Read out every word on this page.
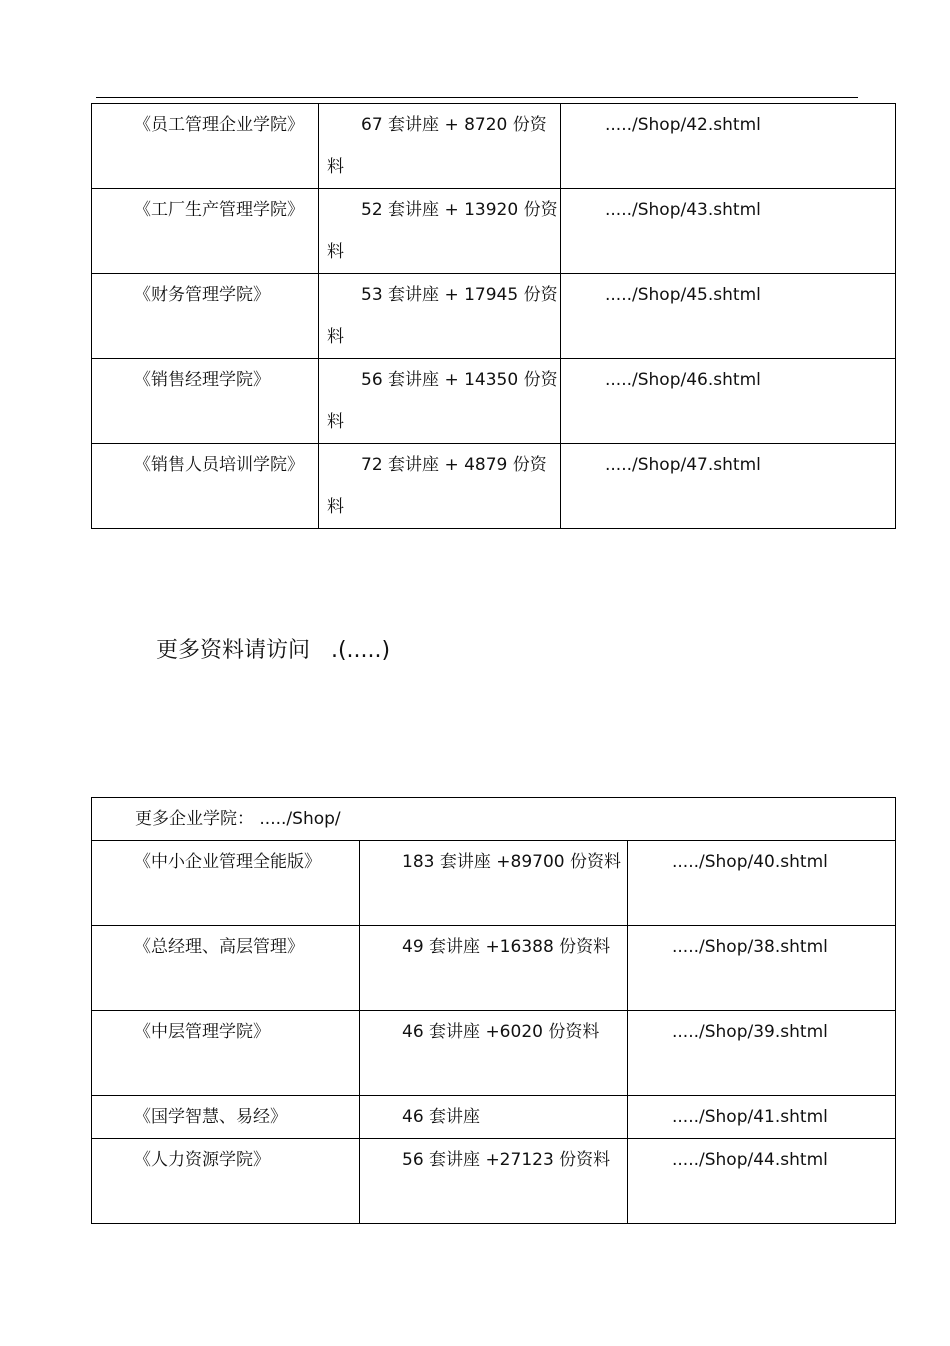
《员工管理企业学院》	67 套讲座 + 8720 份资料	...../Shop/42.shtml

《工厂生产管理学院》	52 套讲座 + 13920 份资料	...../Shop/43.shtml

《财务管理学院》	53 套讲座 + 17945 份资料	...../Shop/45.shtml

《销售经理学院》	56 套讲座 + 14350 份资料	...../Shop/46.shtml

《销售人员培训学院》	72 套讲座 + 4879 份资料	...../Shop/47.shtml
更多资料请访问   .(.....)
更多企业学院： ...../Shop/		

《中小企业管理全能版》	183 套讲座 +89700 份资料	...../Shop/40.shtml

《总经理、高层管理》	49 套讲座 +16388 份资料	...../Shop/38.shtml

《中层管理学院》	46 套讲座 +6020 份资料	...../Shop/39.shtml

《国学智慧、易经》	46 套讲座	...../Shop/41.shtml

《人力资源学院》	56 套讲座 +27123 份资料	...../Shop/44.shtml
